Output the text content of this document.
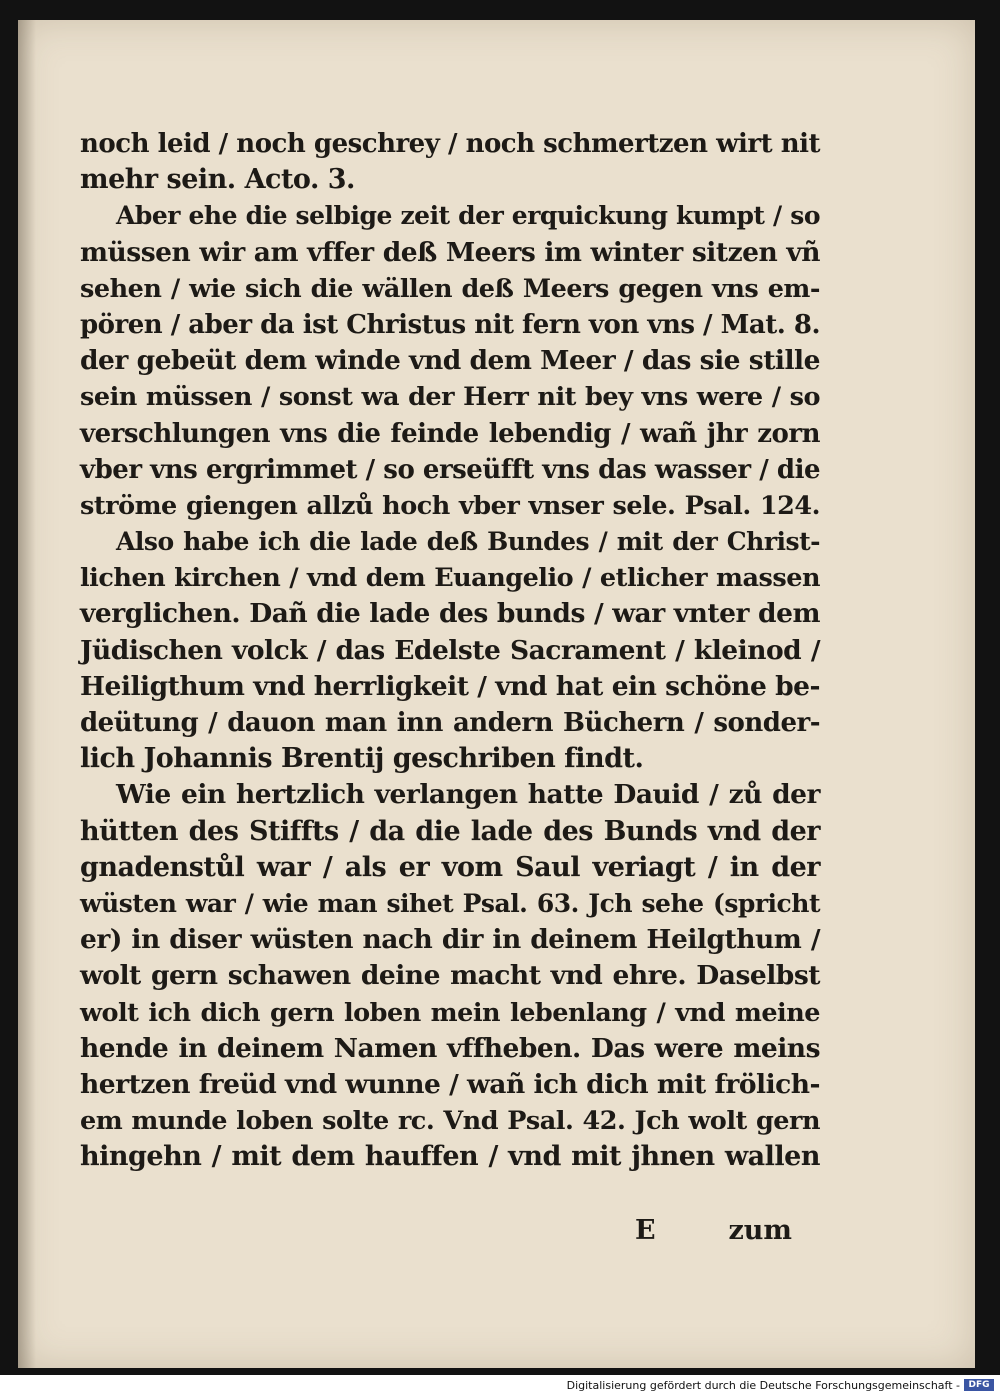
noch leid / noch geschrey / noch schmertzen wirt nit
mehr sein. Acto. 3.
Aber ehe die selbige zeit der erquickung kumpt / so
müssen wir am vffer deß Meers im winter sitzen vñ
sehen / wie sich die wällen deß Meers gegen vns em-
pören / aber da ist Christus nit fern von vns / Mat. 8.
der gebeüt dem winde vnd dem Meer / das sie stille
sein müssen / sonst wa der Herr nit bey vns were / so
verschlungen vns die feinde lebendig / wañ jhr zorn
vber vns ergrimmet / so erseüfft vns das wasser / die
ströme giengen allzů hoch vber vnser sele. Psal. 124.
Also habe ich die lade deß Bundes / mit der Christ-
lichen kirchen / vnd dem Euangelio / etlicher massen
verglichen. Dañ die lade des bunds / war vnter dem
Jüdischen volck / das Edelste Sacrament / kleinod /
Heiligthum vnd herrligkeit / vnd hat ein schöne be-
deütung / dauon man inn andern Büchern / sonder-
lich Johannis Brentij geschriben findt.
Wie ein hertzlich verlangen hatte Dauid / zů der
hütten des Stiffts / da die lade des Bunds vnd der
gnadenstůl war / als er vom Saul veriagt / in der
wüsten war / wie man sihet Psal. 63. Jch sehe (spricht
er) in diser wüsten nach dir in deinem Heilgthum /
wolt gern schawen deine macht vnd ehre. Daselbst
wolt ich dich gern loben mein lebenlang / vnd meine
hende in deinem Namen vffheben. Das were meins
hertzen freüd vnd wunne / wañ ich dich mit frölich-
em munde loben solte rc. Vnd Psal. 42. Jch wolt gern
hingehn / mit dem hauffen / vnd mit jhnen wallen
E	zum
Digitalisierung gefördert durch die Deutsche Forschungsgemeinschaft - DFG
